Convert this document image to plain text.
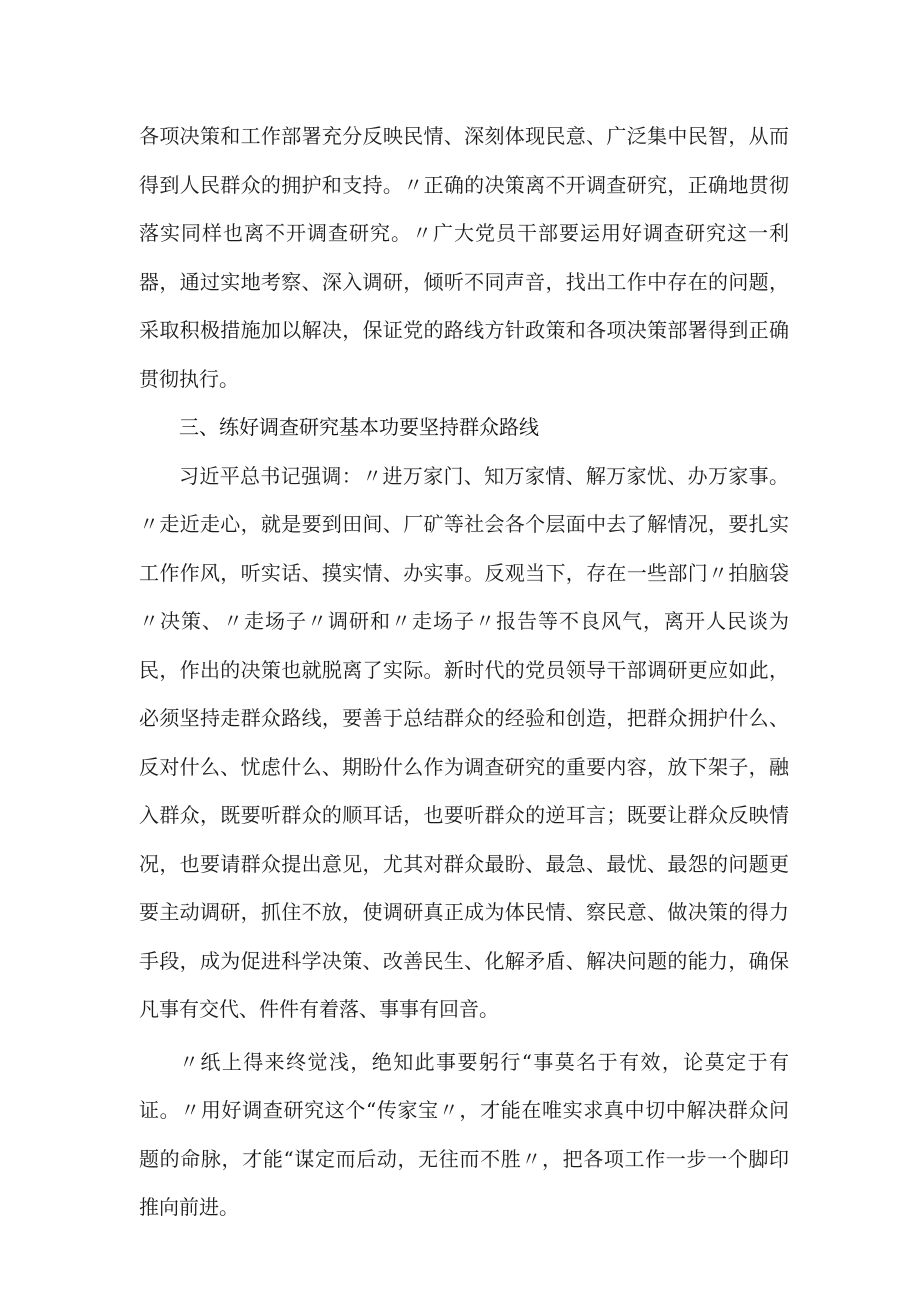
各项决策和工作部署充分反映民情、深刻体现民意、广泛集中民智，从而得到人民群众的拥护和支持。〃正确的决策离不开调查研究，正确地贯彻落实同样也离不开调查研究。〃广大党员干部要运用好调查研究这一利器，通过实地考察、深入调研，倾听不同声音，找出工作中存在的问题，采取积极措施加以解决，保证党的路线方针政策和各项决策部署得到正确贯彻执行。

三、练好调查研究基本功要坚持群众路线

习近平总书记强调：〃进万家门、知万家情、解万家忧、办万家事。〃走近走心，就是要到田间、厂矿等社会各个层面中去了解情况，要扎实工作作风，听实话、摸实情、办实事。反观当下，存在一些部门〃拍脑袋〃决策、〃走场子〃调研和〃走场子〃报告等不良风气，离开人民谈为民，作出的决策也就脱离了实际。新时代的党员领导干部调研更应如此，必须坚持走群众路线，要善于总结群众的经验和创造，把群众拥护什么、反对什么、忧虑什么、期盼什么作为调查研究的重要内容，放下架子，融入群众，既要听群众的顺耳话，也要听群众的逆耳言；既要让群众反映情况，也要请群众提出意见，尤其对群众最盼、最急、最忧、最怨的问题更要主动调研，抓住不放，使调研真正成为体民情、察民意、做决策的得力手段，成为促进科学决策、改善民生、化解矛盾、解决问题的能力，确保凡事有交代、件件有着落、事事有回音。

〃纸上得来终觉浅，绝知此事要躬行“事莫名于有效，论莫定于有证。〃用好调查研究这个“传家宝〃，才能在唯实求真中切中解决群众问题的命脉，才能“谋定而后动，无往而不胜〃，把各项工作一步一个脚印推向前进。
